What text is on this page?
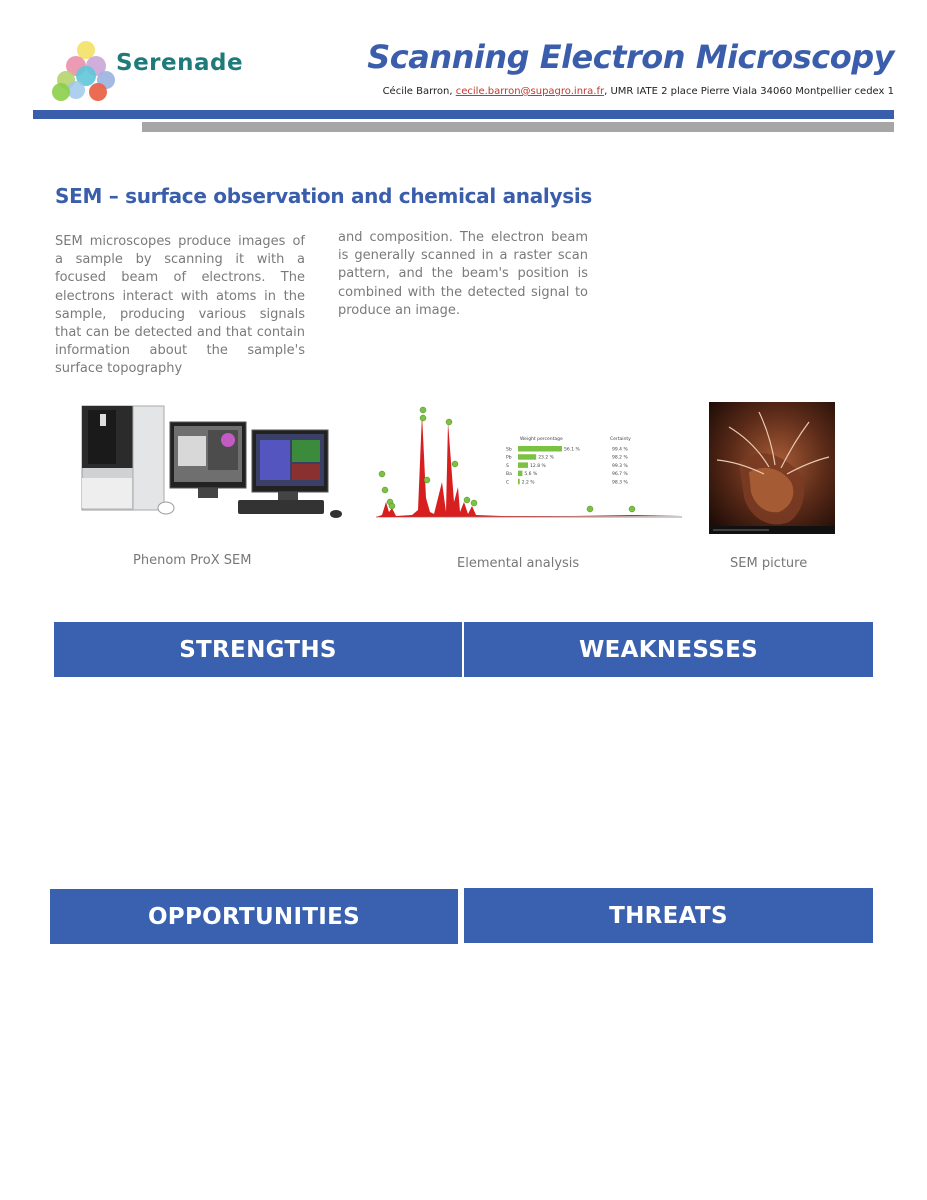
Serenade	Scanning Electron Microscopy
Cécile Barron, cecile.barron@supagro.inra.fr, UMR IATE 2 place Pierre Viala 34060 Montpellier cedex 1
SEM – surface observation and chemical analysis
SEM microscopes produce images of a sample by scanning it with a focused beam of electrons. The electrons interact with atoms in the sample, producing various signals that can be detected and that contain information about the sample's surface topography
and composition. The electron beam is generally scanned in a raster scan pattern, and the beam's position is combined with the detected signal to produce an image.
Phenom ProX SEM
Weight percentage	Certainty
Sb	56.1 %	99.4 %
Pb	23.2 %	98.2 %
S	12.8 %	99.3 %
Ba	5.6 %	96.7 %
C	2.2 %	98.3 %
Elemental analysis	SEM picture
STRENGTHS	WEAKNESSES
OPPORTUNITIES	THREATS
